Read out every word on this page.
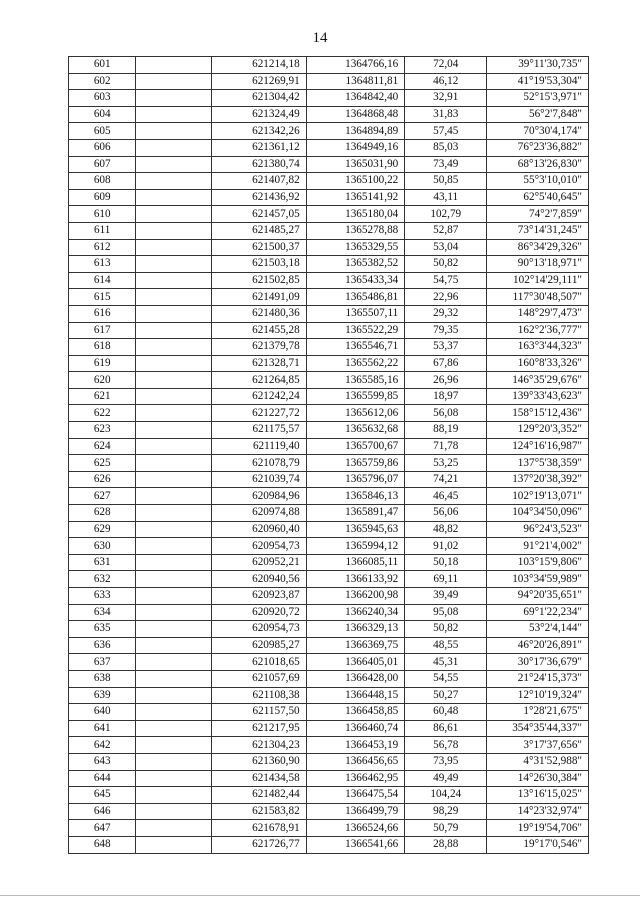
14
601		621214,18	1364766,16	72,04	39°11'30,735"
602		621269,91	1364811,81	46,12	41°19'53,304"
603		621304,42	1364842,40	32,91	52°15'3,971"
604		621324,49	1364868,48	31,83	56°2'7,848"
605		621342,26	1364894,89	57,45	70°30'4,174"
606		621361,12	1364949,16	85,03	76°23'36,882"
607		621380,74	1365031,90	73,49	68°13'26,830"
608		621407,82	1365100,22	50,85	55°3'10,010"
609		621436,92	1365141,92	43,11	62°5'40,645"
610		621457,05	1365180,04	102,79	74°2'7,859"
611		621485,27	1365278,88	52,87	73°14'31,245"
612		621500,37	1365329,55	53,04	86°34'29,326"
613		621503,18	1365382,52	50,82	90°13'18,971"
614		621502,85	1365433,34	54,75	102°14'29,111"
615		621491,09	1365486,81	22,96	117°30'48,507"
616		621480,36	1365507,11	29,32	148°29'7,473"
617		621455,28	1365522,29	79,35	162°2'36,777"
618		621379,78	1365546,71	53,37	163°3'44,323"
619		621328,71	1365562,22	67,86	160°8'33,326"
620		621264,85	1365585,16	26,96	146°35'29,676"
621		621242,24	1365599,85	18,97	139°33'43,623"
622		621227,72	1365612,06	56,08	158°15'12,436"
623		621175,57	1365632,68	88,19	129°20'3,352"
624		621119,40	1365700,67	71,78	124°16'16,987"
625		621078,79	1365759,86	53,25	137°5'38,359"
626		621039,74	1365796,07	74,21	137°20'38,392"
627		620984,96	1365846,13	46,45	102°19'13,071"
628		620974,88	1365891,47	56,06	104°34'50,096"
629		620960,40	1365945,63	48,82	96°24'3,523"
630		620954,73	1365994,12	91,02	91°21'4,002"
631		620952,21	1366085,11	50,18	103°15'9,806"
632		620940,56	1366133,92	69,11	103°34'59,989"
633		620923,87	1366200,98	39,49	94°20'35,651"
634		620920,72	1366240,34	95,08	69°1'22,234"
635		620954,73	1366329,13	50,82	53°2'4,144"
636		620985,27	1366369,75	48,55	46°20'26,891"
637		621018,65	1366405,01	45,31	30°17'36,679"
638		621057,69	1366428,00	54,55	21°24'15,373"
639		621108,38	1366448,15	50,27	12°10'19,324"
640		621157,50	1366458,85	60,48	1°28'21,675"
641		621217,95	1366460,74	86,61	354°35'44,337"
642		621304,23	1366453,19	56,78	3°17'37,656"
643		621360,90	1366456,65	73,95	4°31'52,988"
644		621434,58	1366462,95	49,49	14°26'30,384"
645		621482,44	1366475,54	104,24	13°16'15,025"
646		621583,82	1366499,79	98,29	14°23'32,974"
647		621678,91	1366524,66	50,79	19°19'54,706"
648		621726,77	1366541,66	28,88	19°17'0,546"
